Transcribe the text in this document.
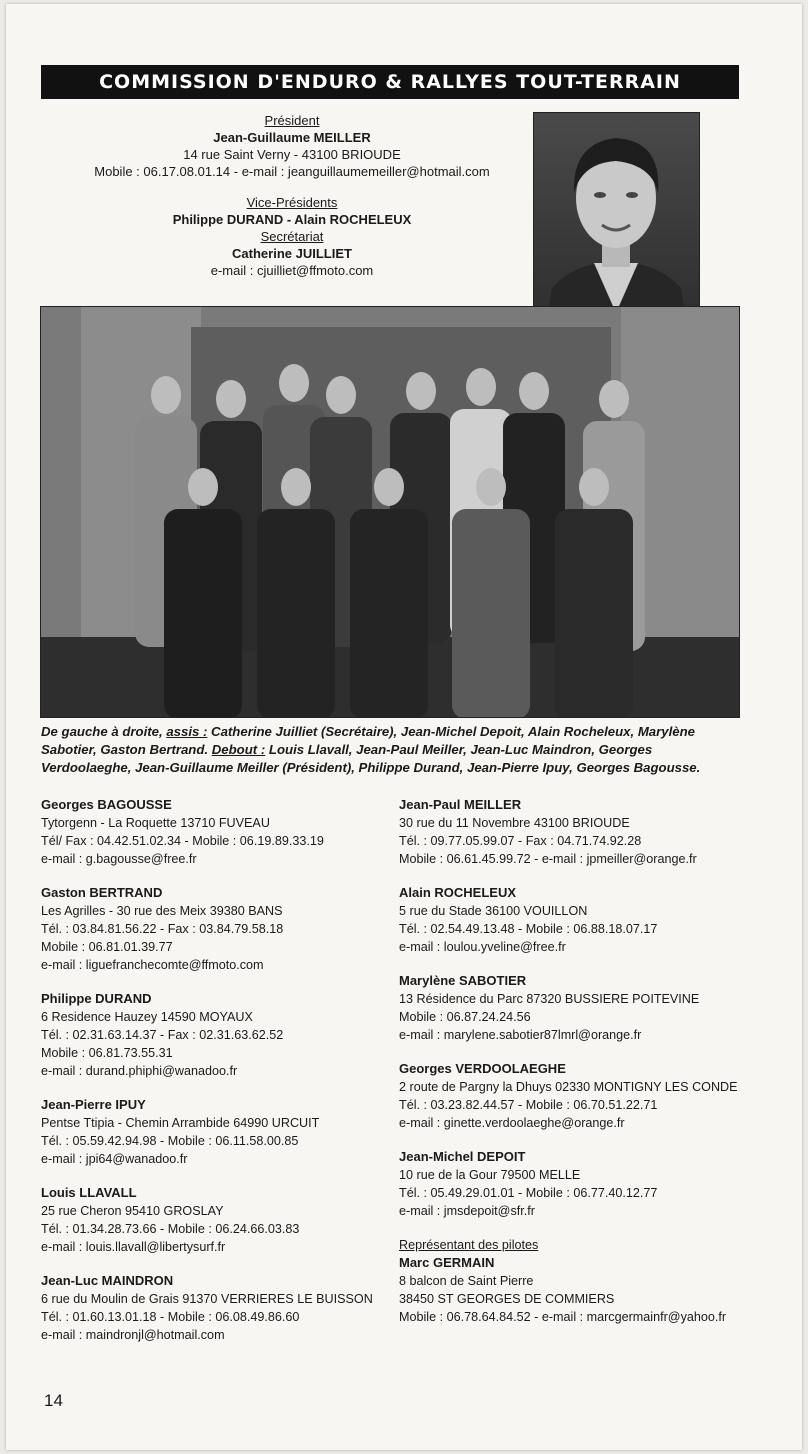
COMMISSION D'ENDURO & RALLYES TOUT-TERRAIN
Président
Jean-Guillaume MEILLER
14 rue Saint Verny - 43100 BRIOUDE
Mobile : 06.17.08.01.14 - e-mail : jeanguillaumemeiller@hotmail.com
Vice-Présidents
Philippe DURAND - Alain ROCHELEUX
Secrétariat
Catherine JUILLIET
e-mail : cjuilliet@ffmoto.com
De gauche à droite, assis : Catherine Juilliet (Secrétaire), Jean-Michel Depoit, Alain Rocheleux, Marylène Sabotier, Gaston Bertrand. Debout : Louis Llavall, Jean-Paul Meiller, Jean-Luc Maindron, Georges Verdoolaeghe, Jean-Guillaume Meiller (Président), Philippe Durand, Jean-Pierre Ipuy, Georges Bagousse.
Georges BAGOUSSE
Tytorgenn - La Roquette 13710 FUVEAU
Tél/ Fax : 04.42.51.02.34 - Mobile : 06.19.89.33.19
e-mail : g.bagousse@free.fr
Gaston BERTRAND
Les Agrilles - 30 rue des Meix 39380 BANS
Tél. : 03.84.81.56.22 - Fax : 03.84.79.58.18
Mobile : 06.81.01.39.77
e-mail : liguefranchecomte@ffmoto.com
Philippe DURAND
6 Residence Hauzey 14590 MOYAUX
Tél. : 02.31.63.14.37 - Fax : 02.31.63.62.52
Mobile : 06.81.73.55.31
e-mail : durand.phiphi@wanadoo.fr
Jean-Pierre IPUY
Pentse Ttipia - Chemin Arrambide 64990 URCUIT
Tél. : 05.59.42.94.98 - Mobile : 06.11.58.00.85
e-mail : jpi64@wanadoo.fr
Louis LLAVALL
25 rue Cheron 95410 GROSLAY
Tél. : 01.34.28.73.66 - Mobile : 06.24.66.03.83
e-mail : louis.llavall@libertysurf.fr
Jean-Luc MAINDRON
6 rue du Moulin de Grais 91370 VERRIERES LE BUISSON
Tél. : 01.60.13.01.18 - Mobile : 06.08.49.86.60
e-mail : maindronjl@hotmail.com
Jean-Paul MEILLER
30 rue du 11 Novembre 43100 BRIOUDE
Tél. : 09.77.05.99.07 - Fax : 04.71.74.92.28
Mobile : 06.61.45.99.72 - e-mail : jpmeiller@orange.fr
Alain ROCHELEUX
5 rue du Stade 36100 VOUILLON
Tél. : 02.54.49.13.48 - Mobile : 06.88.18.07.17
e-mail : loulou.yveline@free.fr
Marylène SABOTIER
13 Résidence du Parc 87320 BUSSIERE POITEVINE
Mobile : 06.87.24.24.56
e-mail : marylene.sabotier87lmrl@orange.fr
Georges VERDOOLAEGHE
2 route de Pargny la Dhuys 02330 MONTIGNY LES CONDE
Tél. : 03.23.82.44.57 - Mobile : 06.70.51.22.71
e-mail : ginette.verdoolaeghe@orange.fr
Jean-Michel DEPOIT
10 rue de la Gour 79500 MELLE
Tél. : 05.49.29.01.01 - Mobile : 06.77.40.12.77
e-mail : jmsdepoit@sfr.fr
Représentant des pilotes
Marc GERMAIN
8 balcon de Saint Pierre
38450 ST GEORGES DE COMMIERS
Mobile : 06.78.64.84.52 - e-mail : marcgermainfr@yahoo.fr
14
